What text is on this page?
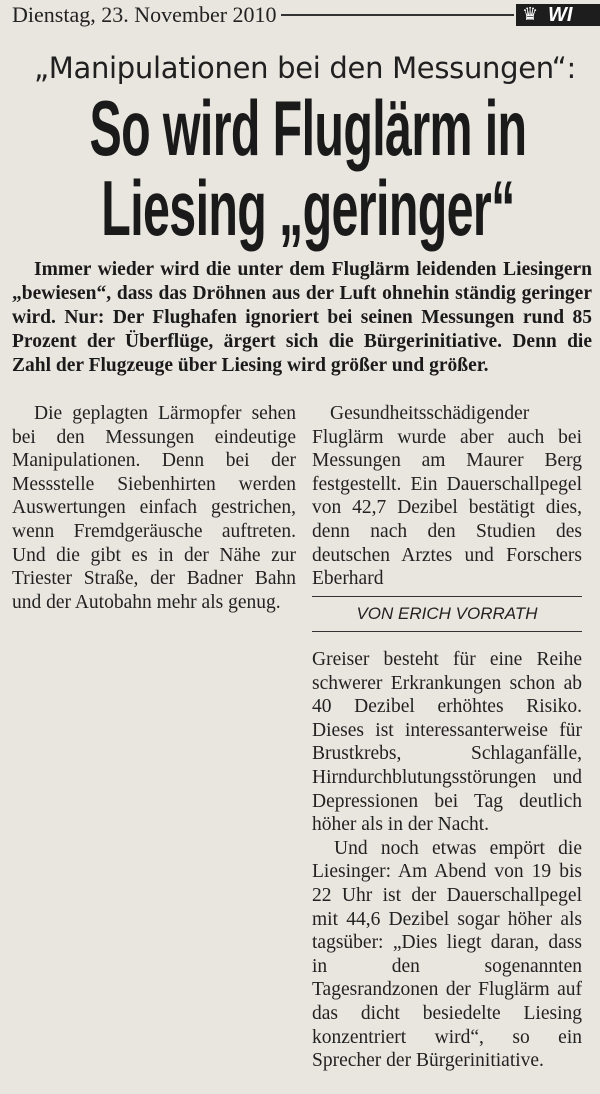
Dienstag, 23. November 2010	♛ WI
„Manipulationen bei den Messungen“:
So wird Fluglärm in
Liesing „geringer“
Immer wieder wird die unter dem Fluglärm leidenden Liesingern „bewiesen“, dass das Dröhnen aus der Luft ohnehin ständig geringer wird. Nur: Der Flughafen ignoriert bei seinen Messungen rund 85 Prozent der Überflüge, ärgert sich die Bürgerinitiative. Denn die Zahl der Flugzeuge über Liesing wird größer und größer.

Die geplagten Lärmopfer sehen bei den Messungen eindeutige Manipulationen. Denn bei der Messstelle Siebenhirten werden Auswertungen einfach gestrichen, wenn Fremdgeräusche auftreten. Und die gibt es in der Nähe zur Triester Straße, der Badner Bahn und der Autobahn mehr als genug.

Gesundheitsschädigender Fluglärm wurde aber auch bei Messungen am Maurer Berg festgestellt. Ein Dauerschallpegel von 42,7 Dezibel bestätigt dies, denn nach den Studien des deutschen Arztes und Forschers Eberhard

VON ERICH VORRATH

Greiser besteht für eine Reihe schwerer Erkrankungen schon ab 40 Dezibel erhöhtes Risiko. Dieses ist interessanterweise für Brustkrebs, Schlaganfälle, Hirndurchblutungsstörungen und Depressionen bei Tag deutlich höher als in der Nacht.

Und noch etwas empört die Liesinger: Am Abend von 19 bis 22 Uhr ist der Dauerschallpegel mit 44,6 Dezibel sogar höher als tagsüber: „Dies liegt daran, dass in den sogenannten Tagesrandzonen der Fluglärm auf das dicht besiedelte Liesing konzentriert wird“, so ein Sprecher der Bürgerinitiative.
